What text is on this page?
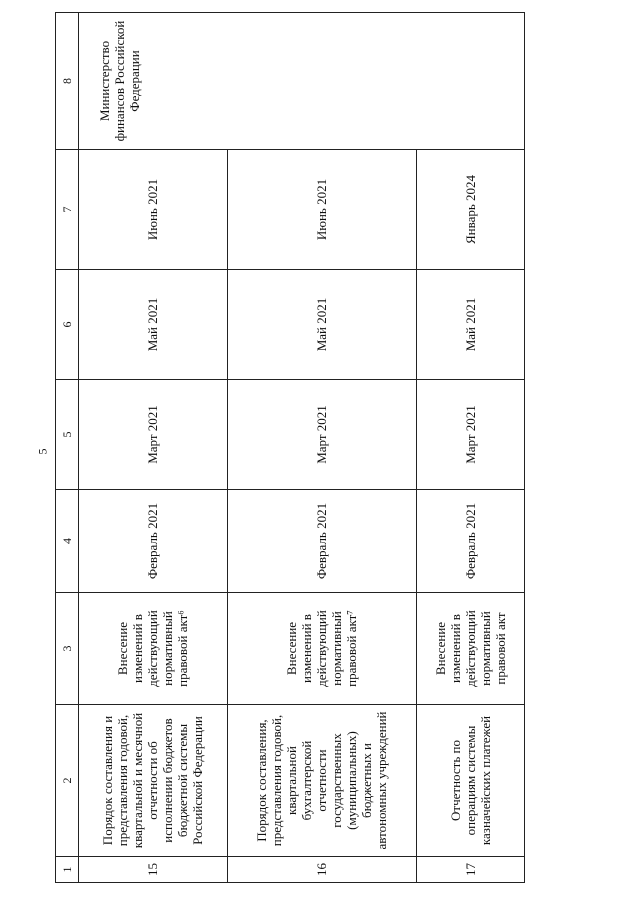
5
1	2	3	4	5	6	7	8
15	Порядок составления и представления годовой, квартальной и месячной отчетности об исполнении бюджетов бюджетной системы Российской Федерации	Внесение изменений в действующий нормативный правовой акт⁶	Февраль 2021	Март 2021	Май 2021	Июнь 2021	Министерство финансов Российской Федерации
16	Порядок составления, представления годовой, квартальной бухгалтерской отчетности государственных (муниципальных) бюджетных и автономных учреждений	Внесение изменений в действующий нормативный правовой акт⁷	Февраль 2021	Март 2021	Май 2021	Июнь 2021	
17	Отчетность по операциям системы казначейских платежей	Внесение изменений в действующий нормативный правовой акт	Февраль 2021	Март 2021	Май 2021	Январь 2024	
